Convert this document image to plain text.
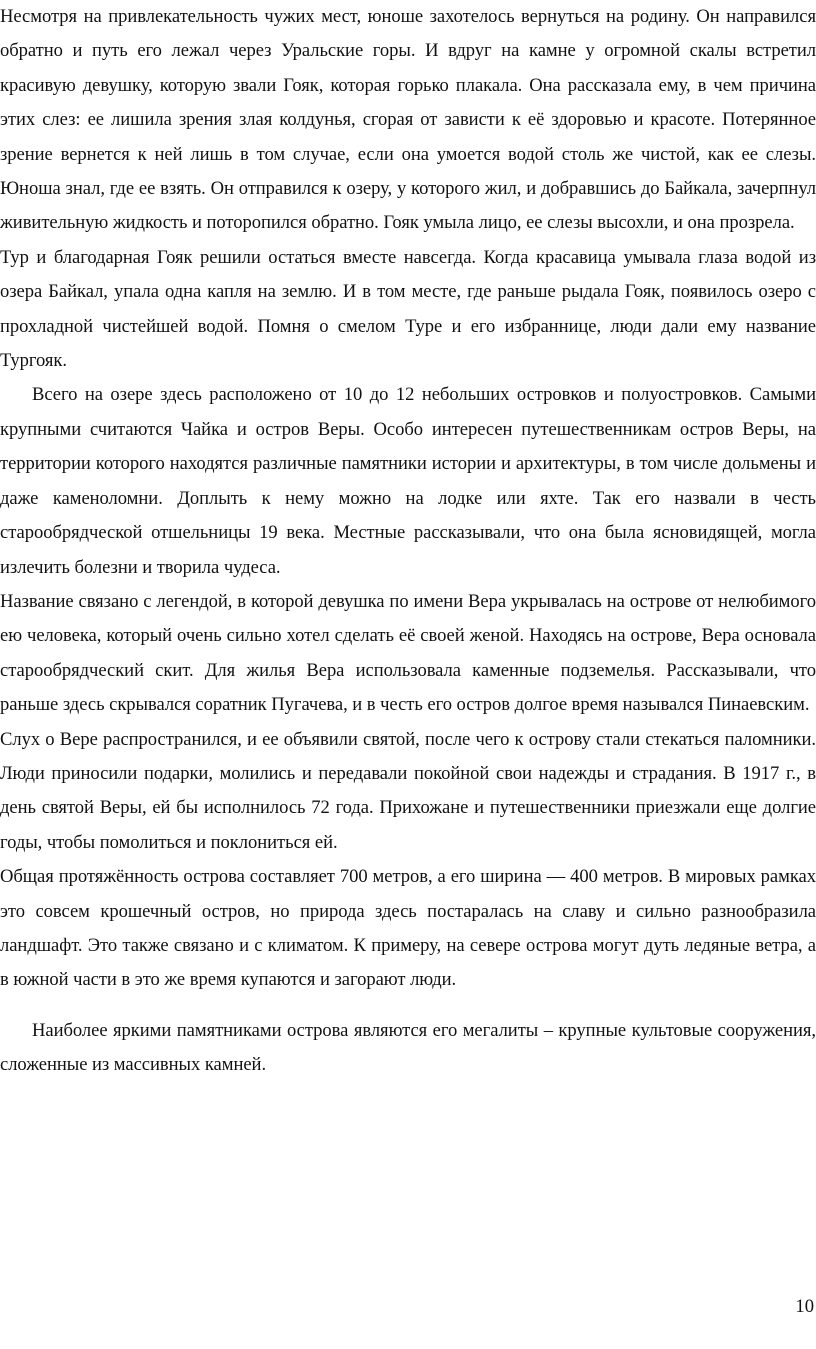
Несмотря на привлекательность чужих мест, юноше захотелось вернуться на родину. Он направился обратно и путь его лежал через Уральские горы. И вдруг на камне у огромной скалы встретил красивую девушку, которую звали Гояк, которая горько плакала. Она рассказала ему, в чем причина этих слез: ее лишила зрения злая колдунья, сгорая от зависти к её здоровью и красоте. Потерянное зрение вернется к ней лишь в том случае, если она умоется водой столь же чистой, как ее слезы. Юноша знал, где ее взять. Он отправился к озеру, у которого жил, и добравшись до Байкала, зачерпнул живительную жидкость и поторопился обратно. Гояк умыла лицо, ее слезы высохли, и она прозрела.

Тур и благодарная Гояк решили остаться вместе навсегда. Когда красавица умывала глаза водой из озера Байкал, упала одна капля на землю. И в том месте, где раньше рыдала Гояк, появилось озеро с прохладной чистейшей водой. Помня о смелом Туре и его избраннице, люди дали ему название Тургояк.

Всего на озере здесь расположено от 10 до 12 небольших островков и полуостровков. Самыми крупными считаются Чайка и остров Веры. Особо интересен путешественникам остров Веры, на территории которого находятся различные памятники истории и архитектуры, в том числе дольмены и даже каменоломни. Доплыть к нему можно на лодке или яхте. Так его назвали в честь старообрядческой отшельницы 19 века. Местные рассказывали, что она была ясновидящей, могла излечить болезни и творила чудеса.

Название связано с легендой, в которой девушка по имени Вера укрывалась на острове от нелюбимого ею человека, который очень сильно хотел сделать её своей женой. Находясь на острове, Вера основала старообрядческий скит. Для жилья Вера использовала каменные подземелья. Рассказывали, что раньше здесь скрывался соратник Пугачева, и в честь его остров долгое время назывался Пинаевским.

Слух о Вере распространился, и ее объявили святой, после чего к острову стали стекаться паломники. Люди приносили подарки, молились и передавали покойной свои надежды и страдания. В 1917 г., в день святой Веры, ей бы исполнилось 72 года. Прихожане и путешественники приезжали еще долгие годы, чтобы помолиться и поклониться ей.

Общая протяжённость острова составляет 700 метров, а его ширина — 400 метров. В мировых рамках это совсем крошечный остров, но природа здесь постаралась на славу и сильно разнообразила ландшафт. Это также связано и с климатом. К примеру, на севере острова могут дуть ледяные ветра, а в южной части в это же время купаются и загорают люди.

Наиболее яркими памятниками острова являются его мегалиты – крупные культовые сооружения, сложенные из массивных камней.

10
